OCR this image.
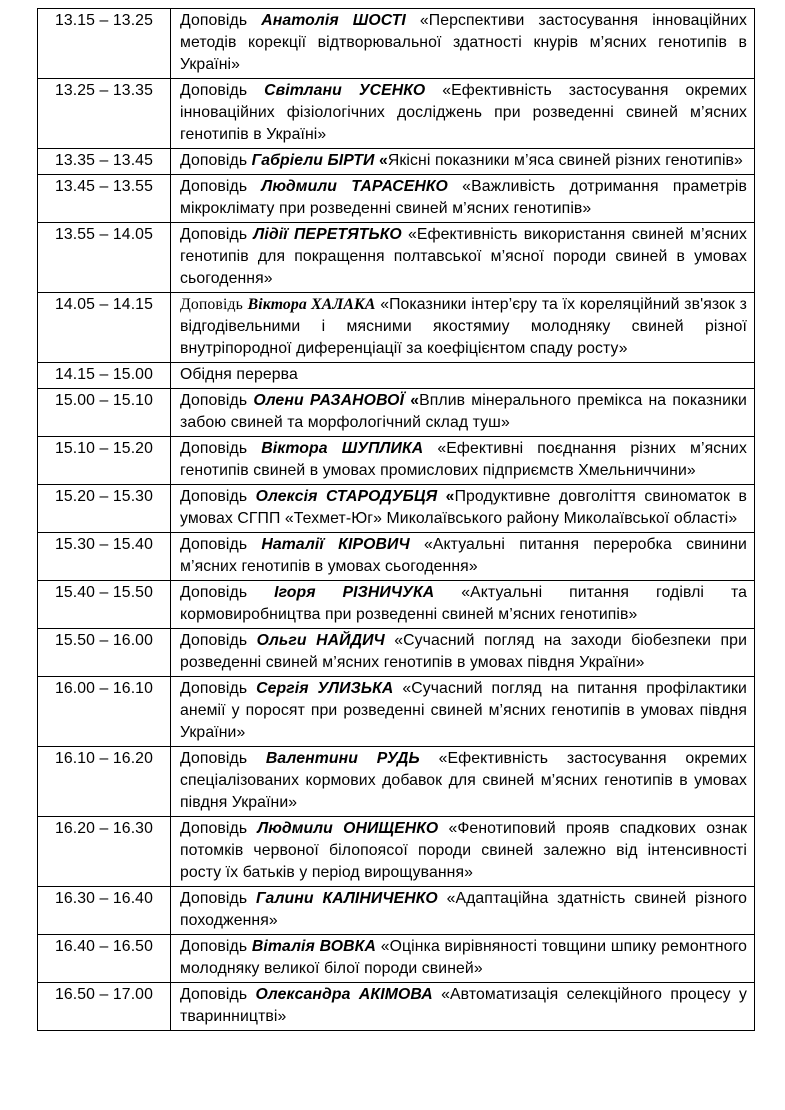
13.15 – 13.25	Доповідь Анатолія ШОСТІ «Перспективи застосування інноваційних методів корекції відтворювальної здатності кнурів м’ясних генотипів в Україні»
13.25 – 13.35	Доповідь Світлани УСЕНКО «Ефективність застосування окремих інноваційних фізіологічних досліджень при розведенні свиней м’ясних генотипів в Україні»
13.35 – 13.45	Доповідь Габріели БІРТИ «Якісні показники м’яса свиней різних генотипів»
13.45 – 13.55	Доповідь Людмили ТАРАСЕНКО «Важливість дотримання праметрів мікроклімату при розведенні свиней м’ясних генотипів»
13.55 – 14.05	Доповідь Лідії ПЕРЕТЯТЬКО «Ефективність використання свиней м’ясних генотипів для покращення полтавської м’ясної породи свиней в умовах сьогодення»
14.05 – 14.15	Доповідь Віктора ХАЛАКА «Показники інтер’єру та їх кореляційний зв'язок з відгодівельними і мясними якостямиу молодняку свиней різної внутріпородної диференціації за коефіцієнтом спаду росту»
14.15 – 15.00	Обідня перерва
15.00 – 15.10	Доповідь Олени РАЗАНОВОЇ «Вплив мінерального премікса на показники забою свиней та морфологічний склад туш»
15.10 – 15.20	Доповідь Віктора ШУПЛИКА «Ефективні поєднання різних м’ясних генотипів свиней в умовах промислових підприємств Хмельниччини»
15.20 – 15.30	Доповідь Олексія СТАРОДУБЦЯ «Продуктивне довголіття свиноматок в умовах СГПП «Техмет-Юг» Миколаївського району Миколаївської області»
15.30 – 15.40	Доповідь Наталії КІРОВИЧ «Актуальні питання переробка свинини м’ясних генотипів в умовах сьогодення»
15.40 – 15.50	Доповідь Ігоря РІЗНИЧУКА «Актуальні питання годівлі та кормовиробництва при розведенні свиней м’ясних генотипів»
15.50 – 16.00	Доповідь Ольги НАЙДИЧ «Сучасний погляд на заходи біобезпеки при розведенні свиней м’ясних генотипів в умовах півдня України»
16.00 – 16.10	Доповідь Сергія УЛИЗЬКА «Сучасний погляд на питання профілактики анемії у поросят при розведенні свиней м’ясних генотипів в умовах півдня України»
16.10 – 16.20	Доповідь Валентини РУДЬ «Ефективність застосування окремих спеціалізованих кормових добавок для свиней м’ясних генотипів в умовах півдня України»
16.20 – 16.30	Доповідь Людмили ОНИЩЕНКО «Фенотиповий прояв спадкових ознак потомків червоної білопоясої породи свиней залежно від інтенсивності росту їх батьків у період вирощування»
16.30 – 16.40	Доповідь Галини КАЛІНИЧЕНКО «Адаптаційна здатність свиней різного походження»
16.40 – 16.50	Доповідь Віталія ВОВКА «Оцінка вирівняності товщини шпику ремонтного молодняку великої білої породи свиней»
16.50 – 17.00	Доповідь Олександра АКІМОВА «Автоматизація селекційного процесу у тваринництві»
